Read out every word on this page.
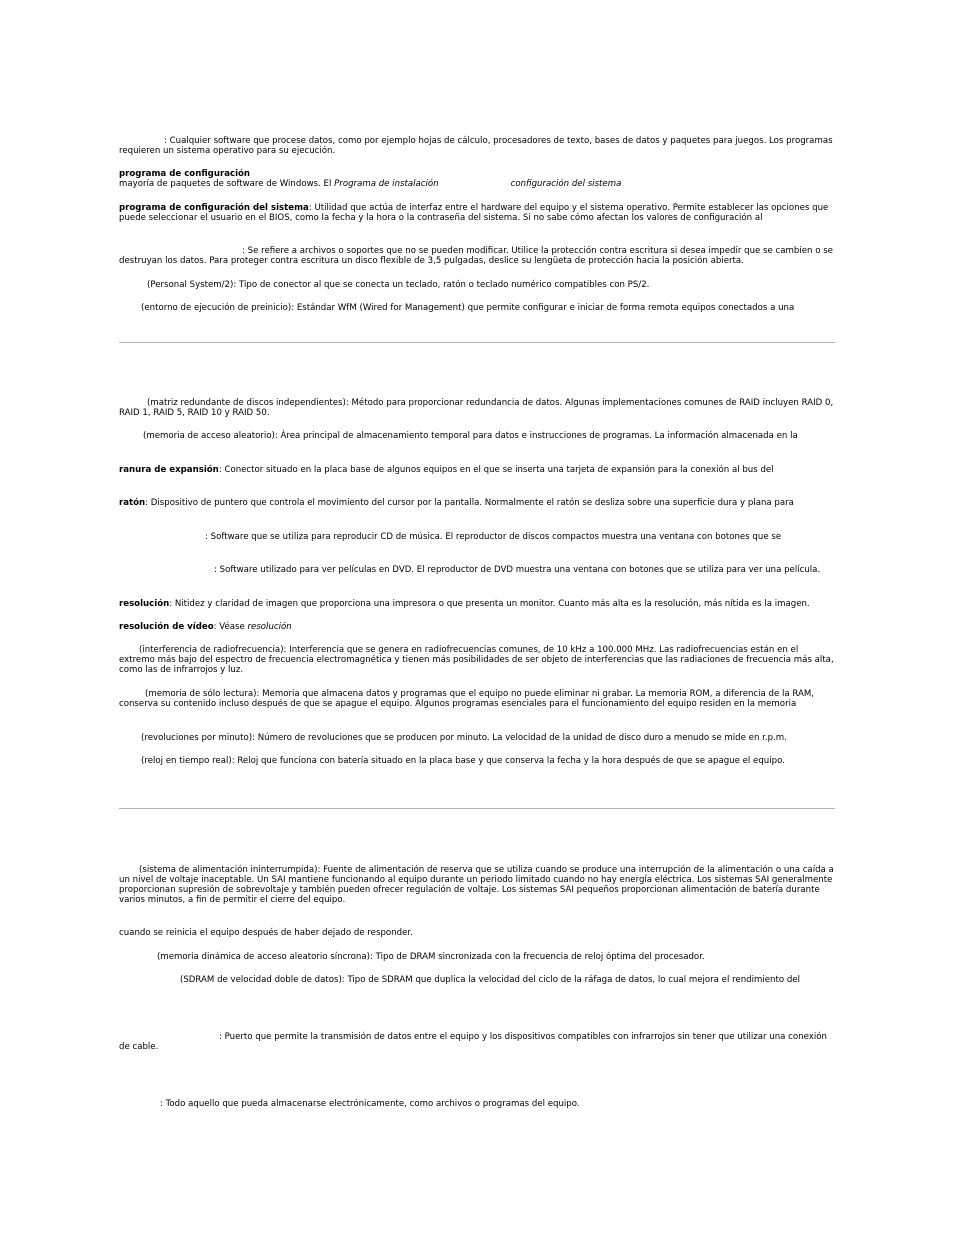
: Cualquier software que procese datos, como por ejemplo hojas de cálculo, procesadores de texto, bases de datos y paquetes para juegos. Los programas requieren un sistema operativo para su ejecución.

programa de configuración
mayoría de paquetes de software de Windows. El Programa de instalación	configuración del sistema

programa de configuración del sistema: Utilidad que actúa de interfaz entre el hardware del equipo y el sistema operativo. Permite establecer las opciones que puede seleccionar el usuario en el BIOS, como la fecha y la hora o la contraseña del sistema. Si no sabe cómo afectan los valores de configuración al

: Se refiere a archivos o soportes que no se pueden modificar. Utilice la protección contra escritura si desea impedir que se cambien o se destruyan los datos. Para proteger contra escritura un disco flexible de 3,5 pulgadas, deslice su lengüeta de protección hacia la posición abierta.

(Personal System/2): Tipo de conector al que se conecta un teclado, ratón o teclado numérico compatibles con PS/2.

(entorno de ejecución de preinicio): Estándar WfM (Wired for Management) que permite configurar e iniciar de forma remota equipos conectados a una

(matriz redundante de discos independientes): Método para proporcionar redundancia de datos. Algunas implementaciones comunes de RAID incluyen RAID 0, RAID 1, RAID 5, RAID 10 y RAID 50.

(memoria de acceso aleatorio): Área principal de almacenamiento temporal para datos e instrucciones de programas. La información almacenada en la

ranura de expansión: Conector situado en la placa base de algunos equipos en el que se inserta una tarjeta de expansión para la conexión al bus del

ratón: Dispositivo de puntero que controla el movimiento del cursor por la pantalla. Normalmente el ratón se desliza sobre una superficie dura y plana para

: Software que se utiliza para reproducir CD de música. El reproductor de discos compactos muestra una ventana con botones que se

: Software utilizado para ver películas en DVD. El reproductor de DVD muestra una ventana con botones que se utiliza para ver una película.

resolución: Nitidez y claridad de imagen que proporciona una impresora o que presenta un monitor. Cuanto más alta es la resolución, más nítida es la imagen.

resolución de vídeo: Véase resolución

(interferencia de radiofrecuencia): Interferencia que se genera en radiofrecuencias comunes, de 10 kHz a 100.000 MHz. Las radiofrecuencias están en el extremo más bajo del espectro de frecuencia electromagnética y tienen más posibilidades de ser objeto de interferencias que las radiaciones de frecuencia más alta, como las de infrarrojos y luz.

(memoria de sólo lectura): Memoria que almacena datos y programas que el equipo no puede eliminar ni grabar. La memoria ROM, a diferencia de la RAM, conserva su contenido incluso después de que se apague el equipo. Algunos programas esenciales para el funcionamiento del equipo residen en la memoria

(revoluciones por minuto): Número de revoluciones que se producen por minuto. La velocidad de la unidad de disco duro a menudo se mide en r.p.m.

(reloj en tiempo real): Reloj que funciona con batería situado en la placa base y que conserva la fecha y la hora después de que se apague el equipo.

(sistema de alimentación ininterrumpida): Fuente de alimentación de reserva que se utiliza cuando se produce una interrupción de la alimentación o una caída a un nivel de voltaje inaceptable. Un SAI mantiene funcionando al equipo durante un periodo limitado cuando no hay energía eléctrica. Los sistemas SAI generalmente proporcionan supresión de sobrevoltaje y también pueden ofrecer regulación de voltaje. Los sistemas SAI pequeños proporcionan alimentación de batería durante varios minutos, a fin de permitir el cierre del equipo.

cuando se reinicia el equipo después de haber dejado de responder.

(memoria dinámica de acceso aleatorio síncrona): Tipo de DRAM sincronizada con la frecuencia de reloj óptima del procesador.

(SDRAM de velocidad doble de datos): Tipo de SDRAM que duplica la velocidad del ciclo de la ráfaga de datos, lo cual mejora el rendimiento del

: Puerto que permite la transmisión de datos entre el equipo y los dispositivos compatibles con infrarrojos sin tener que utilizar una conexión de cable.

: Todo aquello que pueda almacenarse electrónicamente, como archivos o programas del equipo.
